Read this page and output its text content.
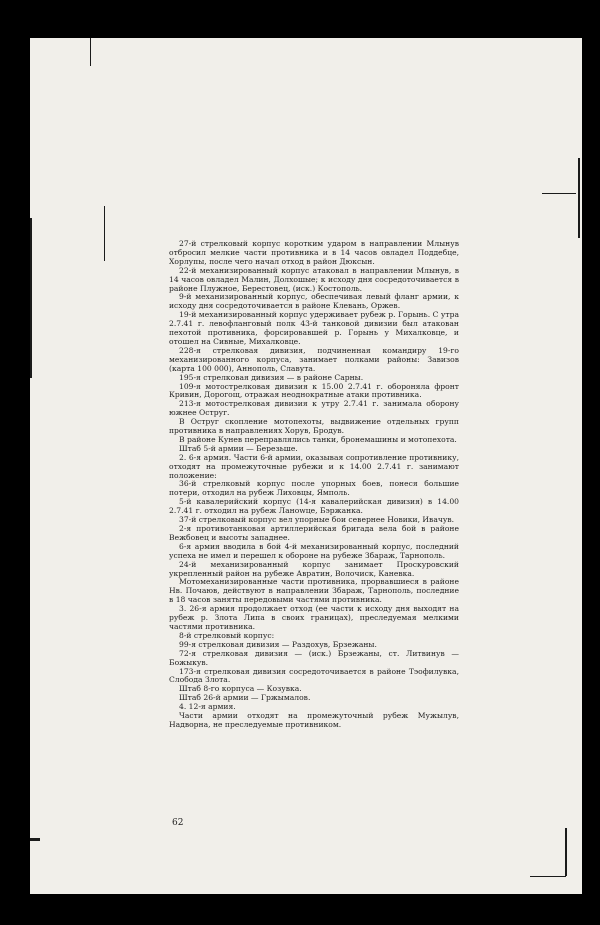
27-й стрелковый корпус коротким ударом в направлении Млынув отбросил мелкие части противника и в 14 часов овладел Поддебце, Хорлупы, после чего начал отход в район Дюксын.

22-й механизированный корпус атаковал в направлении Млынув, в 14 часов овладел Малин, Долхошые; к исходу дня сосредоточивается в районе Плужное, Берестовец, (иск.) Костополь.

9-й механизированный корпус, обеспечивая левый фланг армии, к исходу дня сосредоточивается в районе Клевань, Оржев.

19-й механизированный корпус удерживает рубеж р. Горынь. С утра 2.7.41 г. левофланговый полк 43-й танковой дивизии был атакован пехотой противника, форсировавшей р. Горынь у Михалковце, и отошел на Сивные, Михалковце.

228-я стрелковая дивизия, подчиненная командиру 19-го механизированного корпуса, занимает полками районы: Завизов (карта 100 000), Аннополь, Славута.

195-я стрелковая дивизия — в районе Сарны.

109-я мотострелковая дивизия к 15.00 2.7.41 г. обороняла фронт Кривин, Дорогощ, отражая неоднократные атаки противника.

213-я мотострелковая дивизия к утру 2.7.41 г. занимала оборону южнее Оструг.

В Оструг скопление мотопехоты, выдвижение отдельных групп противника в направлениях Хорув, Бродув.

В районе Кунев переправлялись танки, бронемашины и мотопехота.

Штаб 5-й армии — Березьше.

2. 6-я армия. Части 6-й армии, оказывая сопротивление противнику, отходят на промежуточные рубежи и к 14.00 2.7.41 г. занимают положение:

36-й стрелковый корпус после упорных боев, понеся большие потери, отходил на рубеж Лиховцы, Ямполь.

5-й кавалерийский корпус (14-я кавалерийская дивизия) в 14.00 2.7.41 г. отходил на рубеж Ланowце, Бэржанка.

37-й стрелковый корпус вел упорные бои севернее Новики, Ивачув.

2-я противотанковая артиллерийская бригада вела бой в районе Вежбовец и высоты западнее.

6-я армия вводила в бой 4-й механизированный корпус, последний успеха не имел и перешел к обороне на рубеже Збараж, Тарнополь.

24-й механизированный корпус занимает Проскуровский укрепленный район на рубеже Авратин, Волочиск, Каневка.

Мотомеханизированные части противника, прорвавшиеся в районе Нв. Почаюв, действуют в направлении Збараж, Тарнополь, последние в 18 часов заняты передовыми частями противника.

3. 26-я армия продолжает отход (ее части к исходу дня выходят на рубеж р. Злота Липа в своих границах), преследуемая мелкими частями противника.

8-й стрелковый корпус:

99-я стрелковая дивизия — Раздохув, Брзежаны.

72-я стрелковая дивизия — (иск.) Брзежаны, ст. Литвинув — Божыкув.

173-я стрелковая дивизия сосредоточивается в районе Тэофилувка, Слобода Злота.

Штаб 8-го корпуса — Козувка.

Штаб 26-й армии — Гржымалов.

4. 12-я армия.

Части армии отходят на промежуточный рубеж Мужылув, Надворна, не преследуемые противником.

62
